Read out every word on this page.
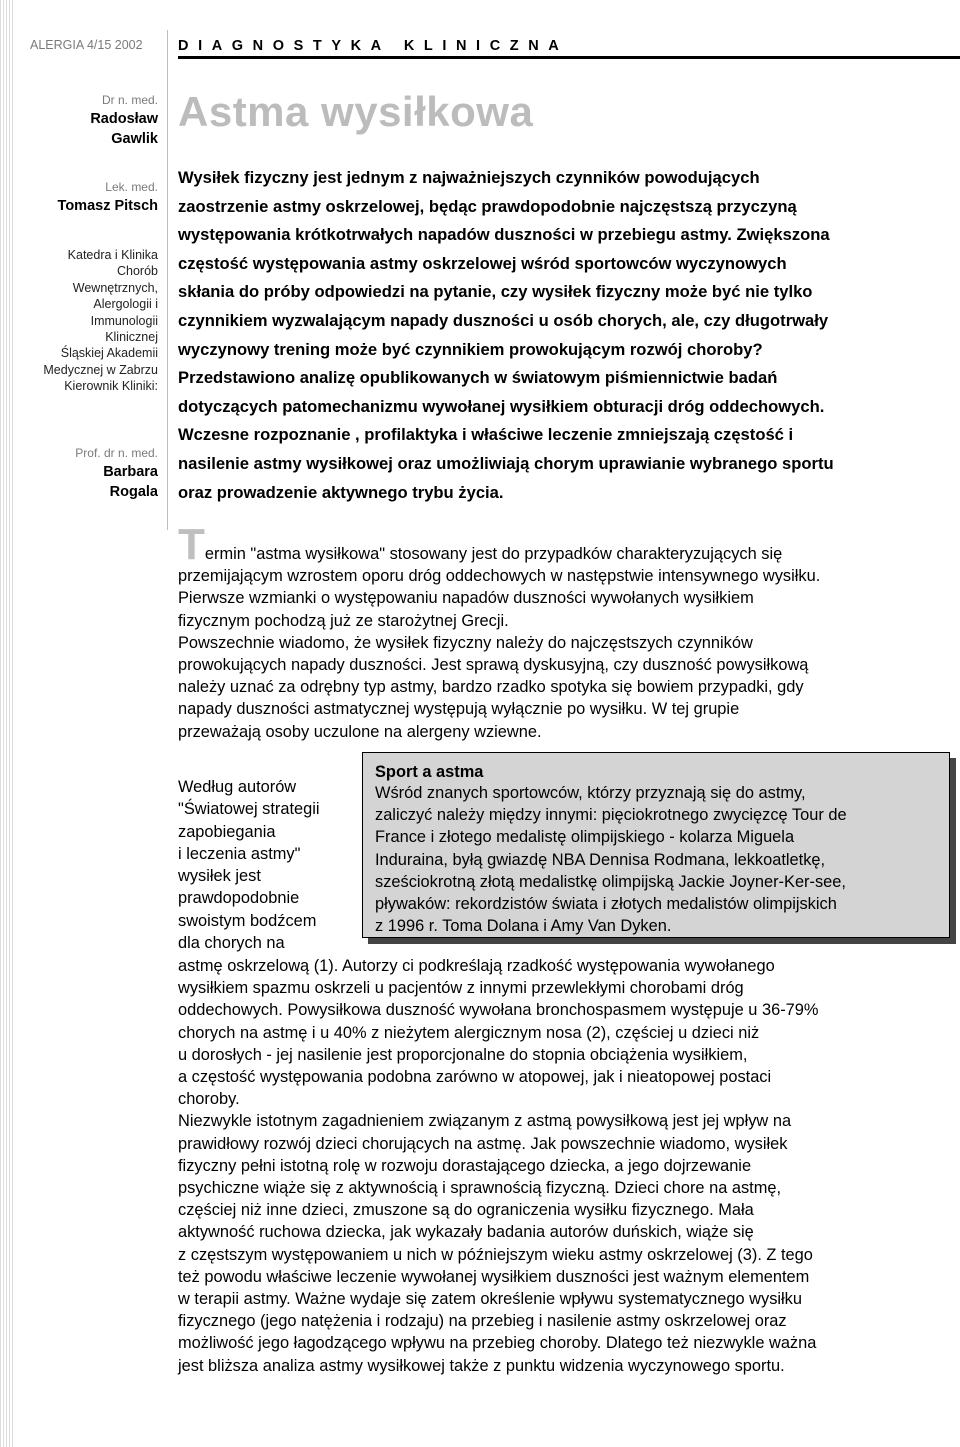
ALERGIA 4/15 2002 DIAGNOSTYKA KLINICZNA
Dr n. med.
Radosław
Gawlik
Lek. med.
Tomasz Pitsch
Katedra i Klinika
Chorób
Wewnętrznych,
Alergologii i
Immunologii
Klinicznej
Śląskiej Akademii
Medycznej w Zabrzu
Kierownik Kliniki:
Prof. dr n. med.
Barbara
Rogala
Astma wysiłkowa
Wysiłek fizyczny jest jednym z najważniejszych czynników powodujących
zaostrzenie astmy oskrzelowej, będąc prawdopodobnie najczęstszą przyczyną
występowania krótkotrwałych napadów duszności w przebiegu astmy. Zwiększona
częstość występowania astmy oskrzelowej wśród sportowców wyczynowych
skłania do próby odpowiedzi na pytanie, czy wysiłek fizyczny może być nie tylko
czynnikiem wyzwalającym napady duszności u osób chorych, ale, czy długotrwały
wyczynowy trening może być czynnikiem prowokującym rozwój choroby?
Przedstawiono analizę opublikowanych w światowym piśmiennictwie badań
dotyczących patomechanizmu wywołanej wysiłkiem obturacji dróg oddechowych.
Wczesne rozpoznanie , profilaktyka i właściwe leczenie zmniejszają częstość i
nasilenie astmy wysiłkowej oraz umożliwiają chorym uprawianie wybranego sportu
oraz prowadzenie aktywnego trybu życia.
Termin "astma wysiłkowa" stosowany jest do przypadków charakteryzujących się
przemijającym wzrostem oporu dróg oddechowych w następstwie intensywnego wysiłku.
Pierwsze wzmianki o występowaniu napadów duszności wywołanych wysiłkiem
fizycznym pochodzą już ze starożytnej Grecji.
Powszechnie wiadomo, że wysiłek fizyczny należy do najczęstszych czynników
prowokujących napady duszności. Jest sprawą dyskusyjną, czy duszność powysiłkową
należy uznać za odrębny typ astmy, bardzo rzadko spotyka się bowiem przypadki, gdy
napady duszności astmatycznej występują wyłącznie po wysiłku. W tej grupie
przeważają osoby uczulone na alergeny wziewne.
Według autorów
"Światowej strategii
zapobiegania
i leczenia astmy"
wysiłek jest
prawdopodobnie
swoistym bodźcem
dla chorych na
Sport a astma
Wśród znanych sportowców, którzy przyznają się do astmy,
zaliczyć należy między innymi: pięciokrotnego zwycięzcę Tour de
France i złotego medalistę olimpijskiego - kolarza Miguela
Induraina, byłą gwiazdę NBA Dennisa Rodmana, lekkoatletkę,
sześciokrotną złotą medalistkę olimpijską Jackie Joyner-Ker-see,
pływaków: rekordzistów świata i złotych medalistów olimpijskich
z 1996 r. Toma Dolana i Amy Van Dyken.
astmę oskrzelową (1). Autorzy ci podkreślają rzadkość występowania wywołanego
wysiłkiem spazmu oskrzeli u pacjentów z innymi przewlekłymi chorobami dróg
oddechowych. Powysiłkowa duszność wywołana bronchospasmem występuje u 36-79%
chorych na astmę i u 40% z nieżytem alergicznym nosa (2), częściej u dzieci niż
u dorosłych - jej nasilenie jest proporcjonalne do stopnia obciążenia wysiłkiem,
a częstość występowania podobna zarówno w atopowej, jak i nieatopowej postaci
choroby.
Niezwykle istotnym zagadnieniem związanym z astmą powysiłkową jest jej wpływ na
prawidłowy rozwój dzieci chorujących na astmę. Jak powszechnie wiadomo, wysiłek
fizyczny pełni istotną rolę w rozwoju dorastającego dziecka, a jego dojrzewanie
psychiczne wiąże się z aktywnością i sprawnością fizyczną. Dzieci chore na astmę,
częściej niż inne dzieci, zmuszone są do ograniczenia wysiłku fizycznego. Mała
aktywność ruchowa dziecka, jak wykazały badania autorów duńskich, wiąże się
z częstszym występowaniem u nich w późniejszym wieku astmy oskrzelowej (3). Z tego
też powodu właściwe leczenie wywołanej wysiłkiem duszności jest ważnym elementem
w terapii astmy. Ważne wydaje się zatem określenie wpływu systematycznego wysiłku
fizycznego (jego natężenia i rodzaju) na przebieg i nasilenie astmy oskrzelowej oraz
możliwość jego łagodzącego wpływu na przebieg choroby. Dlatego też niezwykle ważna
jest bliższa analiza astmy wysiłkowej także z punktu widzenia wyczynowego sportu.
